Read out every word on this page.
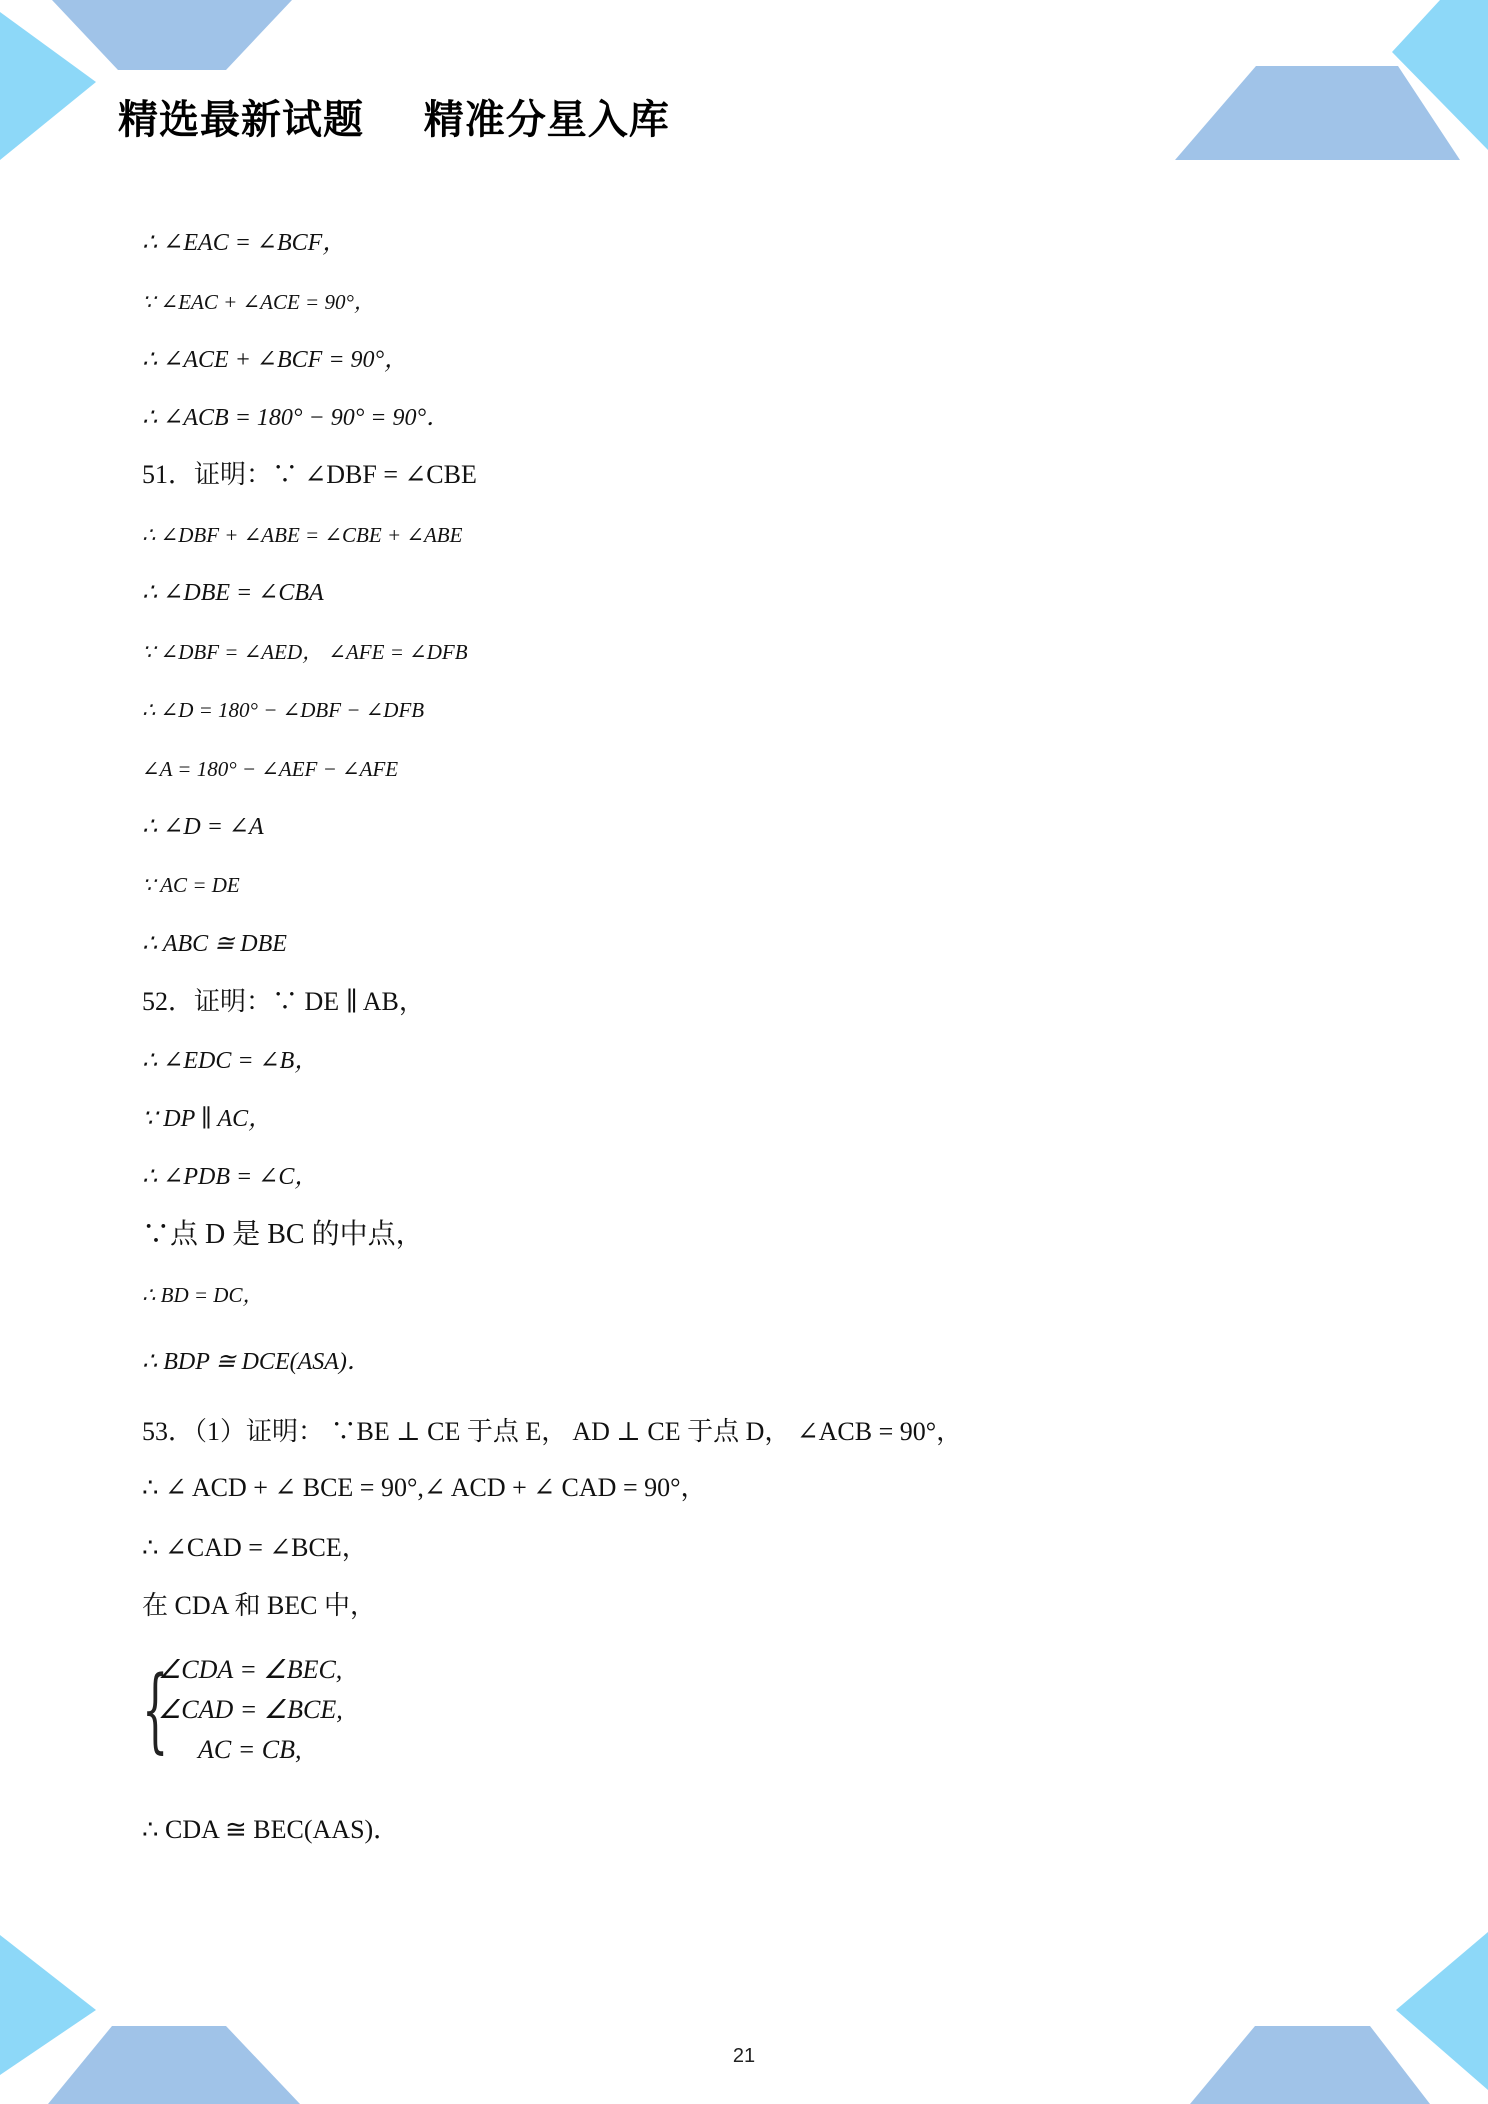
精选最新试题    精准分星入库
∴ ∠EAC = ∠BCF，
∵ ∠EAC + ∠ACE = 90°，
∴ ∠ACE + ∠BCF = 90°，
∴ ∠ACB = 180° − 90° = 90°．
51．证明：∵ ∠DBF = ∠CBE
∴ ∠DBF + ∠ABE = ∠CBE + ∠ABE
∴ ∠DBE = ∠CBA
∵ ∠DBF = ∠AED， ∠AFE = ∠DFB
∴ ∠D = 180° − ∠DBF − ∠DFB
∠A = 180° − ∠AEF − ∠AFE
∴ ∠D = ∠A
∵ AC = DE
∴ ABC ≅ DBE
52．证明：∵ DE ∥ AB，
∴ ∠EDC = ∠B，
∵ DP ∥ AC，
∴ ∠PDB = ∠C，
∵点 D 是 BC 的中点，
∴ BD = DC，
∴ BDP ≅ DCE(ASA)．
53．（1）证明： ∵BE ⊥ CE 于点 E， AD ⊥ CE 于点 D， ∠ACB = 90°，
∴ ∠ ACD + ∠ BCE = 90°,∠ ACD + ∠ CAD = 90°，
∴ ∠CAD = ∠BCE，
在 CDA 和 BEC 中，
{
∠CDA = ∠BEC,
∠CAD = ∠BCE,
AC = CB,
∴ CDA ≅ BEC(AAS)．
21
